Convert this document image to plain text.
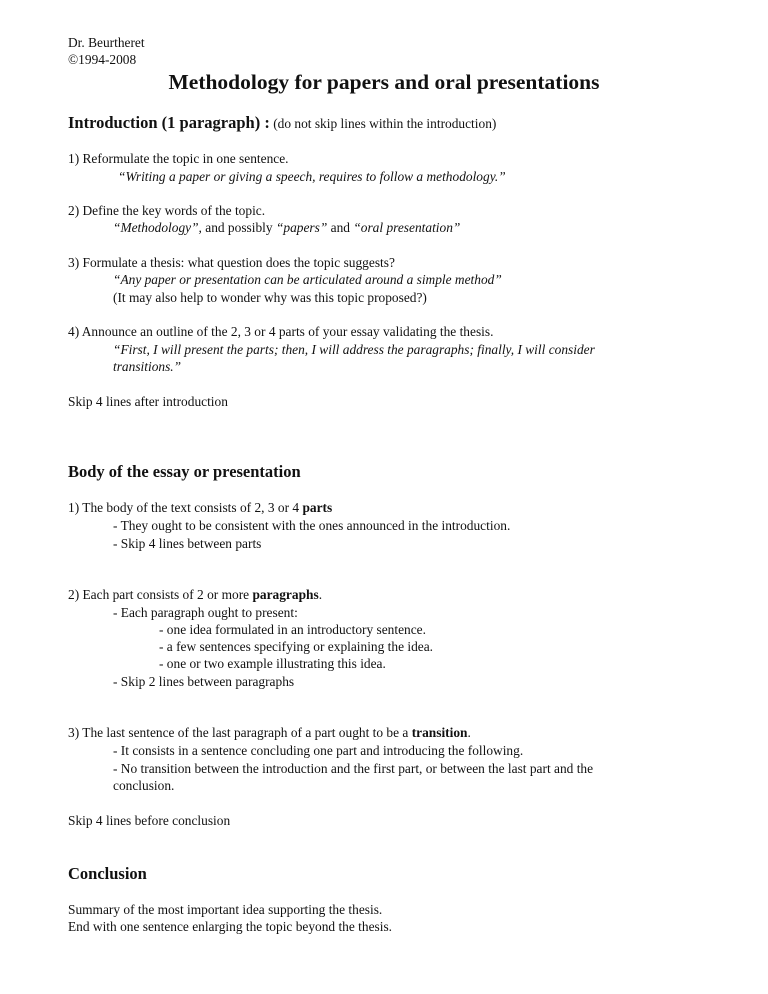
Dr. Beurtheret
©1994-2008
Methodology for papers and oral presentations
Introduction (1 paragraph) : (do not skip lines within the introduction)
1) Reformulate the topic in one sentence.
“Writing a paper or giving a speech, requires to follow a methodology.”
2) Define the key words of the topic.
“Methodology”, and possibly “papers” and “oral presentation”
3) Formulate a thesis: what question does the topic suggests?
“Any paper or presentation can be articulated around a simple method”
(It may also help to wonder why was this topic proposed?)
4) Announce an outline of the 2, 3 or 4 parts of your essay validating the thesis.
“First, I will present the parts; then, I will address the paragraphs; finally, I will consider
transitions.”
Skip 4 lines after introduction
Body of the essay or presentation
1) The body of the text consists of 2, 3 or 4 parts
- They ought to be consistent with the ones announced in the introduction.
- Skip 4 lines between parts
2) Each part consists of 2 or more paragraphs.
- Each paragraph ought to present:
- one idea formulated in an introductory sentence.
- a few sentences specifying or explaining the idea.
- one or two example illustrating this idea.
- Skip 2 lines between paragraphs
3) The last sentence of the last paragraph of a part ought to be a transition.
- It consists in a sentence concluding one part and introducing the following.
- No transition between the introduction and the first part, or between the last part and the
conclusion.
Skip 4 lines before conclusion
Conclusion
Summary of the most important idea supporting the thesis.
End with one sentence enlarging the topic beyond the thesis.
